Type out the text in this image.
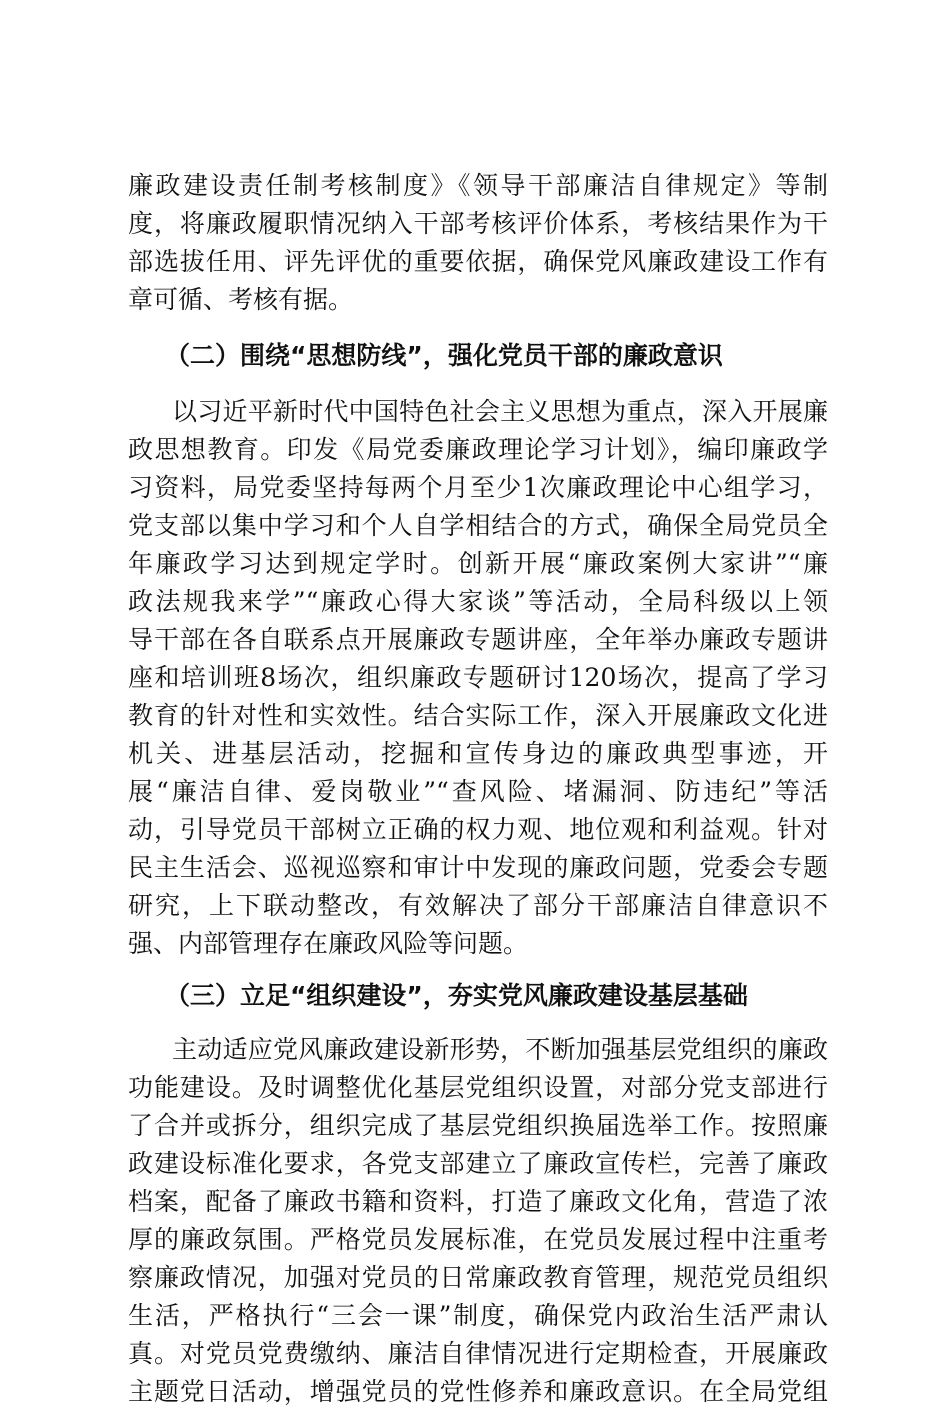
廉政建设责任制考核制度》《领导干部廉洁自律规定》等制
度，将廉政履职情况纳入干部考核评价体系，考核结果作为干
部选拔任用、评先评优的重要依据，确保党风廉政建设工作有
章可循、考核有据。
（二）围绕“思想防线”，强化党员干部的廉政意识
以习近平新时代中国特色社会主义思想为重点，深入开展廉
政思想教育。印发《局党委廉政理论学习计划》，编印廉政学
习资料，局党委坚持每两个月至少1次廉政理论中心组学习，
党支部以集中学习和个人自学相结合的方式，确保全局党员全
年廉政学习达到规定学时。创新开展“廉政案例大家讲”“廉
政法规我来学”“廉政心得大家谈”等活动，全局科级以上领
导干部在各自联系点开展廉政专题讲座，全年举办廉政专题讲
座和培训班8场次，组织廉政专题研讨120场次，提高了学习
教育的针对性和实效性。结合实际工作，深入开展廉政文化进
机关、进基层活动，挖掘和宣传身边的廉政典型事迹，开
展“廉洁自律、爱岗敬业”“查风险、堵漏洞、防违纪”等活
动，引导党员干部树立正确的权力观、地位观和利益观。针对
民主生活会、巡视巡察和审计中发现的廉政问题，党委会专题
研究，上下联动整改，有效解决了部分干部廉洁自律意识不
强、内部管理存在廉政风险等问题。
（三）立足“组织建设”，夯实党风廉政建设基层基础
主动适应党风廉政建设新形势，不断加强基层党组织的廉政
功能建设。及时调整优化基层党组织设置，对部分党支部进行
了合并或拆分，组织完成了基层党组织换届选举工作。按照廉
政建设标准化要求，各党支部建立了廉政宣传栏，完善了廉政
档案，配备了廉政书籍和资料，打造了廉政文化角，营造了浓
厚的廉政氛围。严格党员发展标准，在党员发展过程中注重考
察廉政情况，加强对党员的日常廉政教育管理，规范党员组织
生活，严格执行“三会一课”制度，确保党内政治生活严肃认
真。对党员党费缴纳、廉洁自律情况进行定期检查，开展廉政
主题党日活动，增强党员的党性修养和廉政意识。在全局党组
